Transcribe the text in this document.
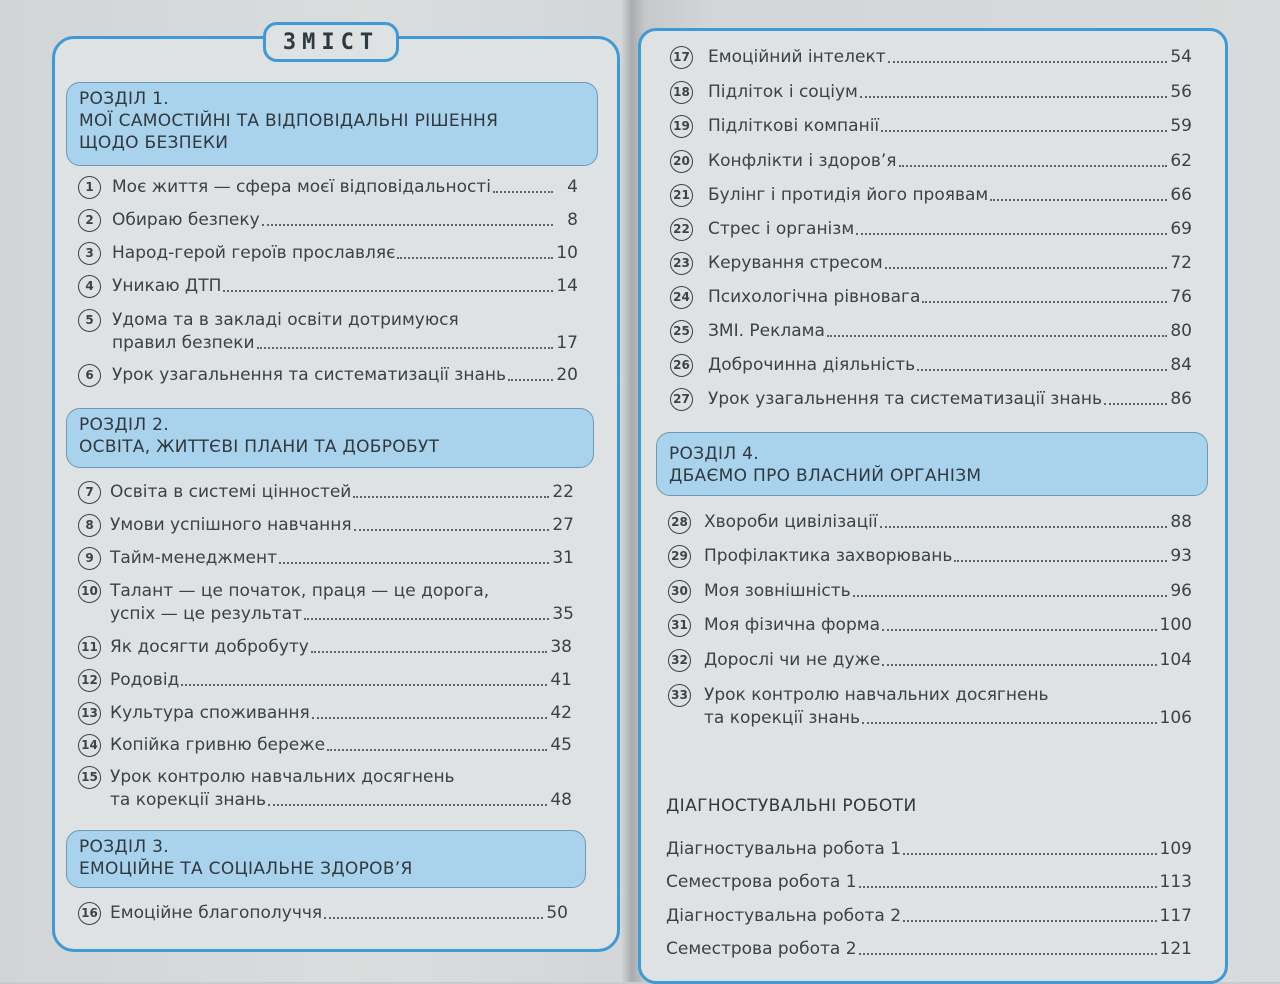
ЗМІСТ
РОЗДІЛ 1.
МОЇ САМОСТІЙНІ ТА ВІДПОВІДАЛЬНІ РІШЕННЯ
ЩОДО БЕЗПЕКИ
РОЗДІЛ 2.
ОСВІТА, ЖИТТЄВІ ПЛАНИ ТА ДОБРОБУТ
РОЗДІЛ 3.
ЕМОЦІЙНЕ ТА СОЦІАЛЬНЕ ЗДОРОВ’Я
РОЗДІЛ 4.
ДБАЄМО ПРО ВЛАСНИЙ ОРГАНІЗМ
1	Моє життя — сфера моєї відповідальності	4
2	Обираю безпеку	8
3	Народ-герой героїв прославляє	10
4	Уникаю ДТП	14
5	Удома та в закладі освіти дотримуюся
правил безпеки	17
6	Урок узагальнення та систематизації знань	20
7 Освіта в системі цінностей	22
8 Умови успішного навчання	27
9 Тайм-менеджмент	31
10 Талант — це початок, праця — це дорога,
успіх — це результат	35
11 Як досягти добробуту	38
12 Родовід	41
13 Культура споживання	42
14 Копійка гривню береже	45
15 Урок контролю навчальних досягнень
та корекції знань	48
16 Емоційне благополуччя	50
17 Емоційний інтелект	54
18 Підліток і соціум	56
19 Підліткові компанії	59
20 Конфлікти і здоров’я	62
21 Булінг і протидія його проявам	66
22 Стрес і організм	69
23 Керування стресом	72
24 Психологічна рівновага	76
25 ЗМІ. Реклама	80
26 Доброчинна діяльність	84
27 Урок узагальнення та систематизації знань	86
28 Хвороби цивілізації	88
29 Профілактика захворювань	93
30 Моя зовнішність	96
31 Моя фізична форма	100
32 Дорослі чи не дуже	104
33 Урок контролю навчальних досягнень
та корекції знань	106
ДІАГНОСТУВАЛЬНІ РОБОТИ
Діагностувальна робота 1	109
Семестрова робота 1	113
Діагностувальна робота 2	117
Семестрова робота 2	121
